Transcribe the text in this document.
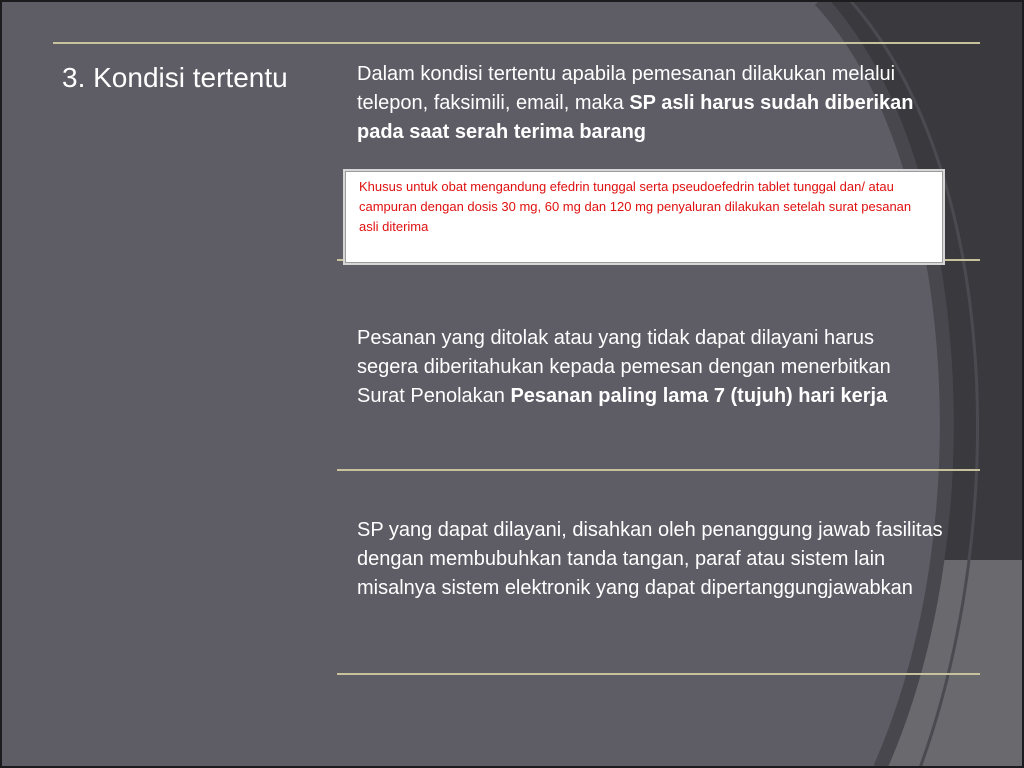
3. Kondisi tertentu	Dalam kondisi tertentu apabila pemesanan dilakukan melalui telepon, faksimili, email, maka SP asli harus sudah diberikan pada saat serah terima barang
Khusus untuk obat mengandung efedrin tunggal serta pseudoefedrin tablet tunggal dan/ atau campuran dengan dosis 30 mg, 60 mg dan 120 mg penyaluran dilakukan setelah surat pesanan asli diterima
Pesanan yang ditolak atau yang tidak dapat dilayani harus segera diberitahukan kepada pemesan dengan menerbitkan Surat Penolakan Pesanan paling lama 7 (tujuh) hari kerja
SP yang dapat dilayani, disahkan oleh penanggung jawab fasilitas dengan membubuhkan tanda tangan, paraf atau sistem lain misalnya sistem elektronik yang dapat dipertanggungjawabkan
